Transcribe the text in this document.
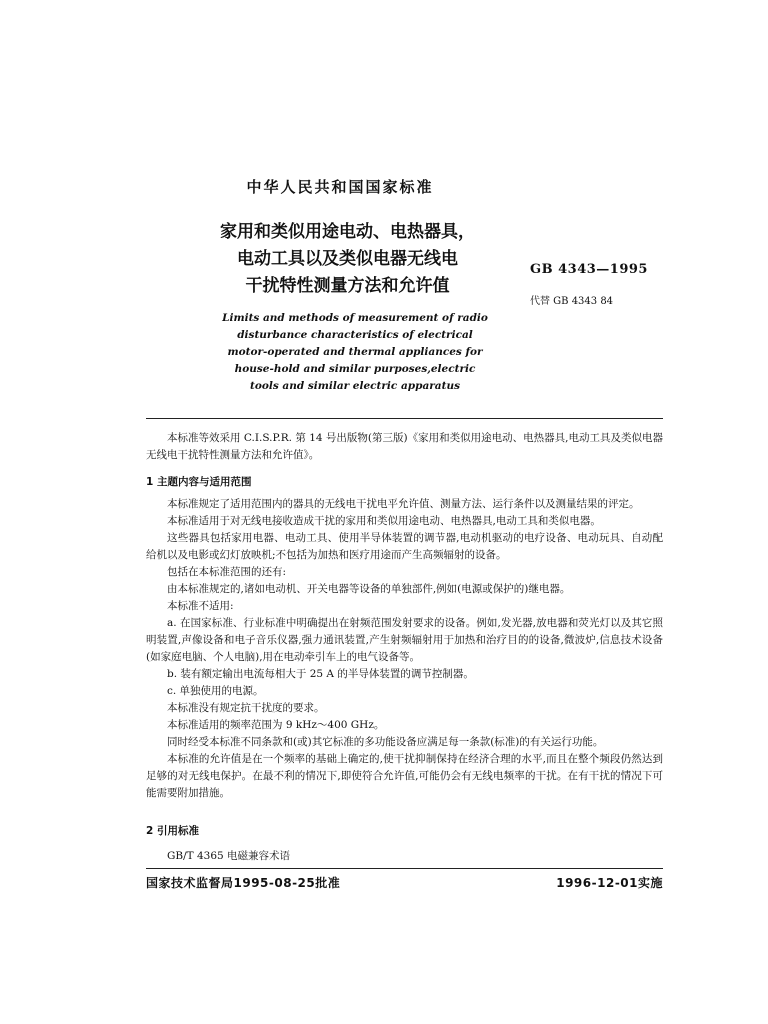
中华人民共和国国家标准
家用和类似用途电动、电热器具，
电动工具以及类似电器无线电
干扰特性测量方法和允许值
GB 4343—1995
代替 GB 4343 84
Limits and methods of measurement of radio
disturbance characteristics of electrical
motor-operated and thermal appliances for
house-hold and similar purposes,electric
tools and similar electric apparatus

本标准等效采用 C.I.S.P.R. 第 14 号出版物(第三版)《家用和类似用途电动、电热器具,电动工具及类似电器无线电干扰特性测量方法和允许值》。

1 主题内容与适用范围

本标准规定了适用范围内的器具的无线电干扰电平允许值、测量方法、运行条件以及测量结果的评定。

本标准适用于对无线电接收造成干扰的家用和类似用途电动、电热器具,电动工具和类似电器。

这些器具包括家用电器、电动工具、使用半导体装置的调节器,电动机驱动的电疗设备、电动玩具、自动配给机以及电影或幻灯放映机;不包括为加热和医疗用途而产生高频辐射的设备。

包括在本标准范围的还有:

由本标准规定的,诸如电动机、开关电器等设备的单独部件,例如(电源或保护的)继电器。

本标准不适用:

a. 在国家标准、行业标准中明确提出在射频范围发射要求的设备。例如,发光器,放电器和荧光灯以及其它照明装置,声像设备和电子音乐仪器,强力通讯装置,产生射频辐射用于加热和治疗目的的设备,微波炉,信息技术设备(如家庭电脑、个人电脑),用在电动牵引车上的电气设备等。

b. 装有额定输出电流每相大于 25 A 的半导体装置的调节控制器。

c. 单独使用的电源。

本标准没有规定抗干扰度的要求。

本标准适用的频率范围为 9 kHz～400 GHz。

同时经受本标准不同条款和(或)其它标准的多功能设备应满足每一条款(标准)的有关运行功能。

本标准的允许值是在一个频率的基础上确定的,使干扰抑制保持在经济合理的水平,而且在整个频段仍然达到足够的对无线电保护。在最不利的情况下,即使符合允许值,可能仍会有无线电频率的干扰。在有干扰的情况下可能需要附加措施。

2 引用标准

GB/T 4365 电磁兼容术语

国家技术监督局1995-08-25批准	1996-12-01实施
